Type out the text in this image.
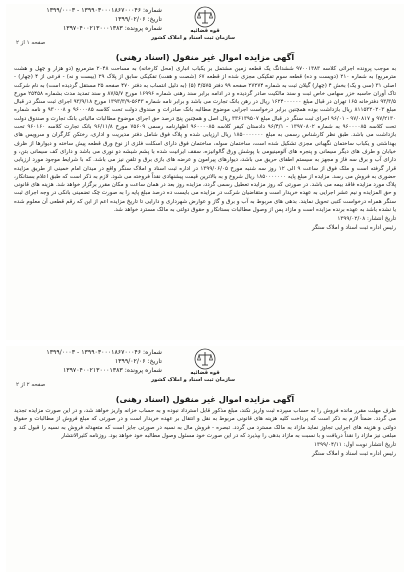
شماره: ۱۳۹۹۰۳۰۰۰۱۸۶۷۰۰۰۴۶ - ۱۳۹۹/۰۰۰۳
تاریخ: ۱۳۹۹/۰۲/۰۶
شماره پرونده: ۱۳۹۷۰۴۰۰۲۱۳۰۰۰۱۳۸۳	قوه قضائیه
سازمان ثبت اسناد و املاک کشور
صفحه ۱ از ۲
آگهی مزایده اموال غیر منقول (اسناد رهنی)
به موجب پرونده اجرائی کلاسه ۹۷۰۰۱۳۸۳ ششدانگ یک قطعه زمین مشتمل بر یکباب انباری (محل کارخانه) به مساحت ۲۰۴۸ مترمربع (دو هزار و چهل و هشت مترمربع) به شماره ۲۱۰ (دویست و ده) قطعه سوم تفکیکی مجزی شده از قطعه ۶۷ (شصت و هفت) تفکیکی سابق از پلاک ۲۹ (بیست و نه) - فرعی از ۴ (چهار) - اصلی ۳۱ (سی و یک) بخش ۴ (چهار) گیلان ثبت به شماره ۲۷۲۷۴ صفحه ۹۹ دفتر ۴/۵۷۵ (۵) (به دلیل انتساب به دفتر ۴۷۰ صفحه ۲۵ مستقل گردیده است) به نام شرکت تاک آوران حاسبه خزر سهامی خاص ثبت و سند مالکیت صادر گردیده و در ادامه برابر سند رهنی شماره ۱۶۹۹۶ مورخ ۸۷/۵/۷ و سند تمدید مدت بشماره ۲۵۴۵۸ مورخ ۹۳/۳/۵ دفترخانه ۱۶۵ تهران در قبال مبلغ ۱۶۲۴۰۰۰۰۰۰ ریال در رهن بانک تجارت می باشد و برابر نامه شماره ۵۶۴۳-۱۳۹۳/۳/۹ مورخ ۹۳/۹/۱۸ اجرای ثبت سنگر در قبال مبلغ ۸۱۱۵۳۲۰۲۰۳ ریال بازداشت بوده همچنین برابر درخواست اجرایی موضوع مطالبه بانک صادرات و صندوق دولت تحت کلاسه ۹۶۰۰۰۸۵ و ۹۳۰۰۰۸ و نامه شماره ۹۷/۲۱۳۰ و ۹۷/۰۸۱۷ - ۹۶/۰۱ اجرای ثبت سنگر در قبال مبلغ ۳۳۶۱۳۹۵۰۷ ریال اصل و همچنین پنج درصد حق اجرای موضوع مطالبات مالیاتی بانک تجارت و صندوق دولت تحت کلاسه ۹۶۰۰۰۰۸۵ به شماره ۱۳۹۷۰۸۰۲ - ۹۶/۴/۱ دادستان کیفر کلاسه ۹۶۰۰۰۰۸۵ اظهارنامه رسمی ۷۵۶۰۹ مورخ ۹۶/۱۱/۸ بانک تجارت کلاسه ۹۶۰۱۶۰ تحت بازداشت می باشد. طبق نظر کارشناس رسمی به مبلغ ۱۸۵۰۰۰۰۰۰۰ ریال ارزیابی شده و پلاک فوق شامل دفتر مدیریت و اداری، رختکن کارگران و سرویس های بهداشتی و یکباب ساختمان نگهبانی مجزی تشکیل شده است، ساختمان سوله، ساختمان فوق دارای اسکلت فلزی از نوع ورق قطعه پیش ساخته و دیوارها از ظرف خیابان و طرف های دیگر سیمانی و پنجره های آلومینیومی با پوشش ورق گالوانیزه، سقف ایرانیت شده با پشم شیشه دو نوری می باشد و دارای کف سیمانی بتن، و دارای آب و برق سه فاز و مجهز به سیستم اطفای حریق می باشد، دیوارهای پیرامون و عرضه های بازی برق و تلفن نیز می باشد. که با شرایط موجود مورد ارزیابی قرار گرفته است و ملک فوق از ساعت ۹ الی ۱۲ روز سه شنبه مورخ ۱۳۹۹/۰۶/۰۵ در اداره ثبت اسناد و املاک سنگر واقع در میدان امام خمینی از طریق مزایده حضوری به فروش می رسد. مزایده از مبلغ پایه ۱۸۵۰۰۰۰۰۰۰ ریال شروع و به بالاترین قیمت پیشنهادی نقداً فروخته می شود. لازم به ذکر است که طبق اعلام بستانکار، پلاک مورد مزایده فاقد بیمه می باشد. در صورتی که روز مزایده تعطیل رسمی گردد، مزایده روز بعد در همان ساعت و مکان مقرر برگزار خواهد شد. هزینه های قانونی و حق المزایده و نیم عشر اجرایی به عهده خریدار است و متقاضیان شرکت در مزایده می بایست ده درصد مبلغ پایه را به صورت چک تضمینی بانکی در وجه اجرای ثبت سنگر همراه درخواست کتبی تحویل نمایند. بدهی های مربوط به آب و برق و گاز و عوارض شهرداری و دارایی تا تاریخ مزایده اعم از این که رقم قطعی آن معلوم شده یا نشده باشد به عهده برنده مزایده است و مازاد پس از وصول مطالبات بستانکار و حقوق دولتی به مالک مسترد خواهد شد.
تاریخ انتشار: ۱۳۹۹/۰۲/۰۸
رئیس اداره ثبت اسناد و املاک سنگر
شماره: ۱۳۹۹۰۳۰۰۰۱۸۶۷۰۰۰۴۶ - ۱۳۹۹/۰۰۰۳
تاریخ: ۱۳۹۹/۰۲/۰۶
شماره پرونده: ۱۳۹۷۰۴۰۰۲۱۳۰۰۰۱۳۸۳	قوه قضائیه
سازمان ثبت اسناد و املاک کشور
صفحه ۲ از ۲
آگهی مزایده اموال غیر منقول (اسناد رهنی)
ظرف مهلت مقرر مانده فروش را به حساب سپرده ثبت واریز نکند، مبلغ مذکور قابل استرداد نبوده و به حساب خزانه واریز خواهد شد، و در این صورت مزایده تجدید می گردد. ضمناً لازم به ذکر است که پرداخت کلیه هزینه های قانونی مربوط به نقل و انتقال بر عهده خریدار است و در صورتی که مبلغ فروش از مطالبات و حقوق دولتی و هزینه های اجرایی تجاوز نماید مازاد به مالک مسترد می گردد. تبصره - فروش مال به نسیه در صورتی جایز است که متعهدله فروش به نسیه را قبول کند و مبلغی نیز مازاد را نقداً دریافت و با نسبت به مازاد بدهی را بپذیرد که در این صورت خود مسئول وصول مطالبه خود خواهد بود. روزنامه کثیرالانتشار
تاریخ انتشار نوبت اول: ۱۳۹۹/۰۴/۱۱
رئیس اداره ثبت اسناد و املاک سنگر
